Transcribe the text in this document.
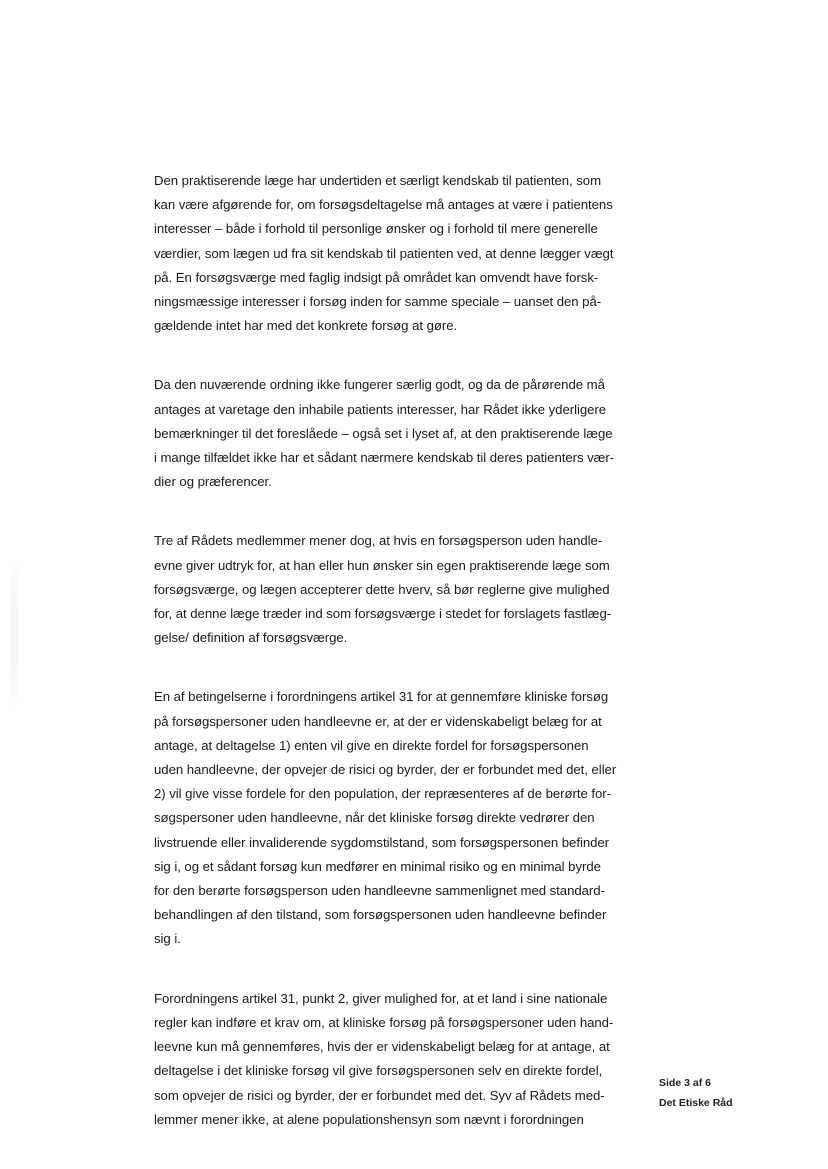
Den praktiserende læge har undertiden et særligt kendskab til patienten, som
kan være afgørende for, om forsøgsdeltagelse må antages at være i patientens
interesser – både i forhold til personlige ønsker og i forhold til mere generelle
værdier, som lægen ud fra sit kendskab til patienten ved, at denne lægger vægt
på. En forsøgsværge med faglig indsigt på området kan omvendt have forsk-
ningsmæssige interesser i forsøg inden for samme speciale – uanset den på-
gældende intet har med det konkrete forsøg at gøre.

Da den nuværende ordning ikke fungerer særlig godt, og da de pårørende må
antages at varetage den inhabile patients interesser, har Rådet ikke yderligere
bemærkninger til det foreslåede – også set i lyset af, at den praktiserende læge
i mange tilfældet ikke har et sådant nærmere kendskab til deres patienters vær-
dier og præferencer.

Tre af Rådets medlemmer mener dog, at hvis en forsøgsperson uden handle-
evne giver udtryk for, at han eller hun ønsker sin egen praktiserende læge som
forsøgsværge, og lægen accepterer dette hverv, så bør reglerne give mulighed
for, at denne læge træder ind som forsøgsværge i stedet for forslagets fastlæg-
gelse/ definition af forsøgsværge.

En af betingelserne i forordningens artikel 31 for at gennemføre kliniske forsøg
på forsøgspersoner uden handleevne er, at der er videnskabeligt belæg for at
antage, at deltagelse 1) enten vil give en direkte fordel for forsøgspersonen
uden handleevne, der opvejer de risici og byrder, der er forbundet med det, eller
2) vil give visse fordele for den population, der repræsenteres af de berørte for-
søgspersoner uden handleevne, når det kliniske forsøg direkte vedrører den
livstruende eller invaliderende sygdomstilstand, som forsøgspersonen befinder
sig i, og et sådant forsøg kun medfører en minimal risiko og en minimal byrde
for den berørte forsøgsperson uden handleevne sammenlignet med standard-
behandlingen af den tilstand, som forsøgspersonen uden handleevne befinder
sig i.

Forordningens artikel 31, punkt 2, giver mulighed for, at et land i sine nationale
regler kan indføre et krav om, at kliniske forsøg på forsøgspersoner uden hand-
leevne kun må gennemføres, hvis der er videnskabeligt belæg for at antage, at
deltagelse i det kliniske forsøg vil give forsøgspersonen selv en direkte fordel,
som opvejer de risici og byrder, der er forbundet med det. Syv af Rådets med-
lemmer mener ikke, at alene populationshensyn som nævnt i forordningen

Side 3 af 6
Det Etiske Råd
